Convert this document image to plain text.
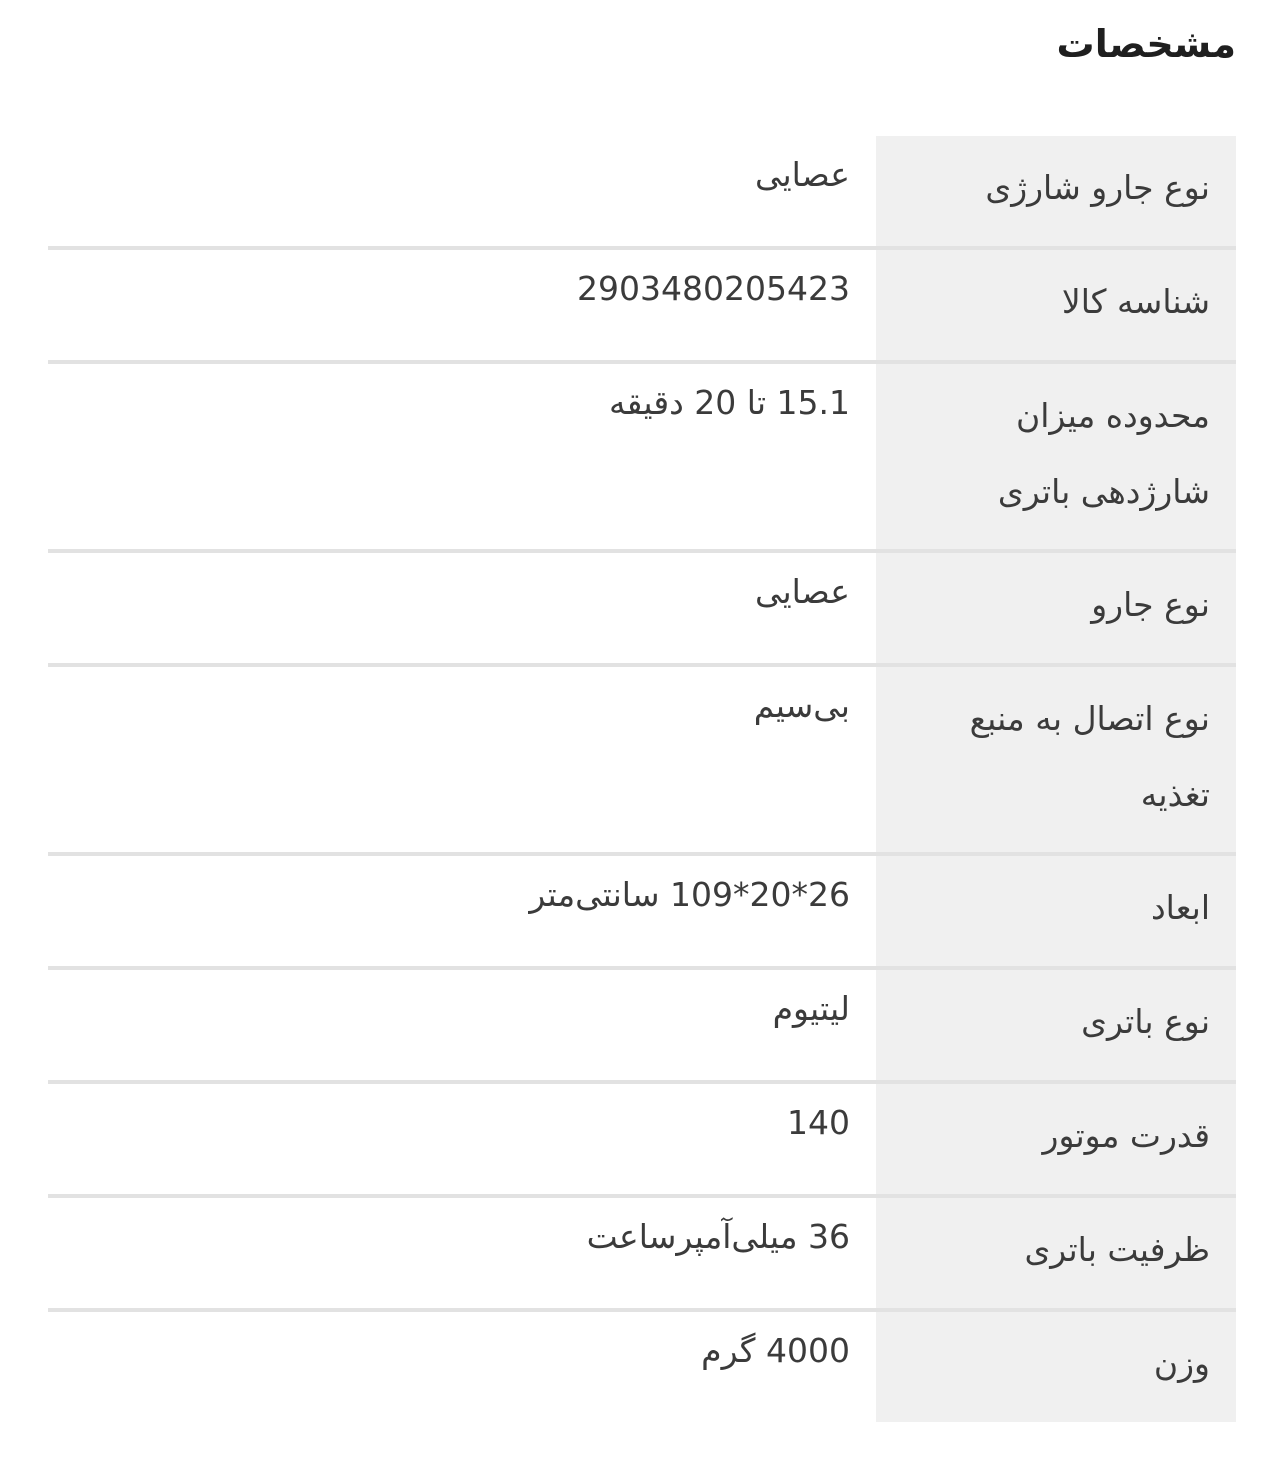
مشخصات
نوع جارو شارژی
عصایی
شناسه کالا
2903480205423
محدوده میزان شارژدهی باتری
15.1 تا 20 دقیقه
نوع جارو
عصایی
نوع اتصال به منبع تغذیه
بی‌سیم
ابعاد
26*20*109 سانتی‌متر
نوع باتری
لیتیوم
قدرت موتور
140
ظرفیت باتری
36 میلی‌آمپرساعت
وزن
4000 گرم
